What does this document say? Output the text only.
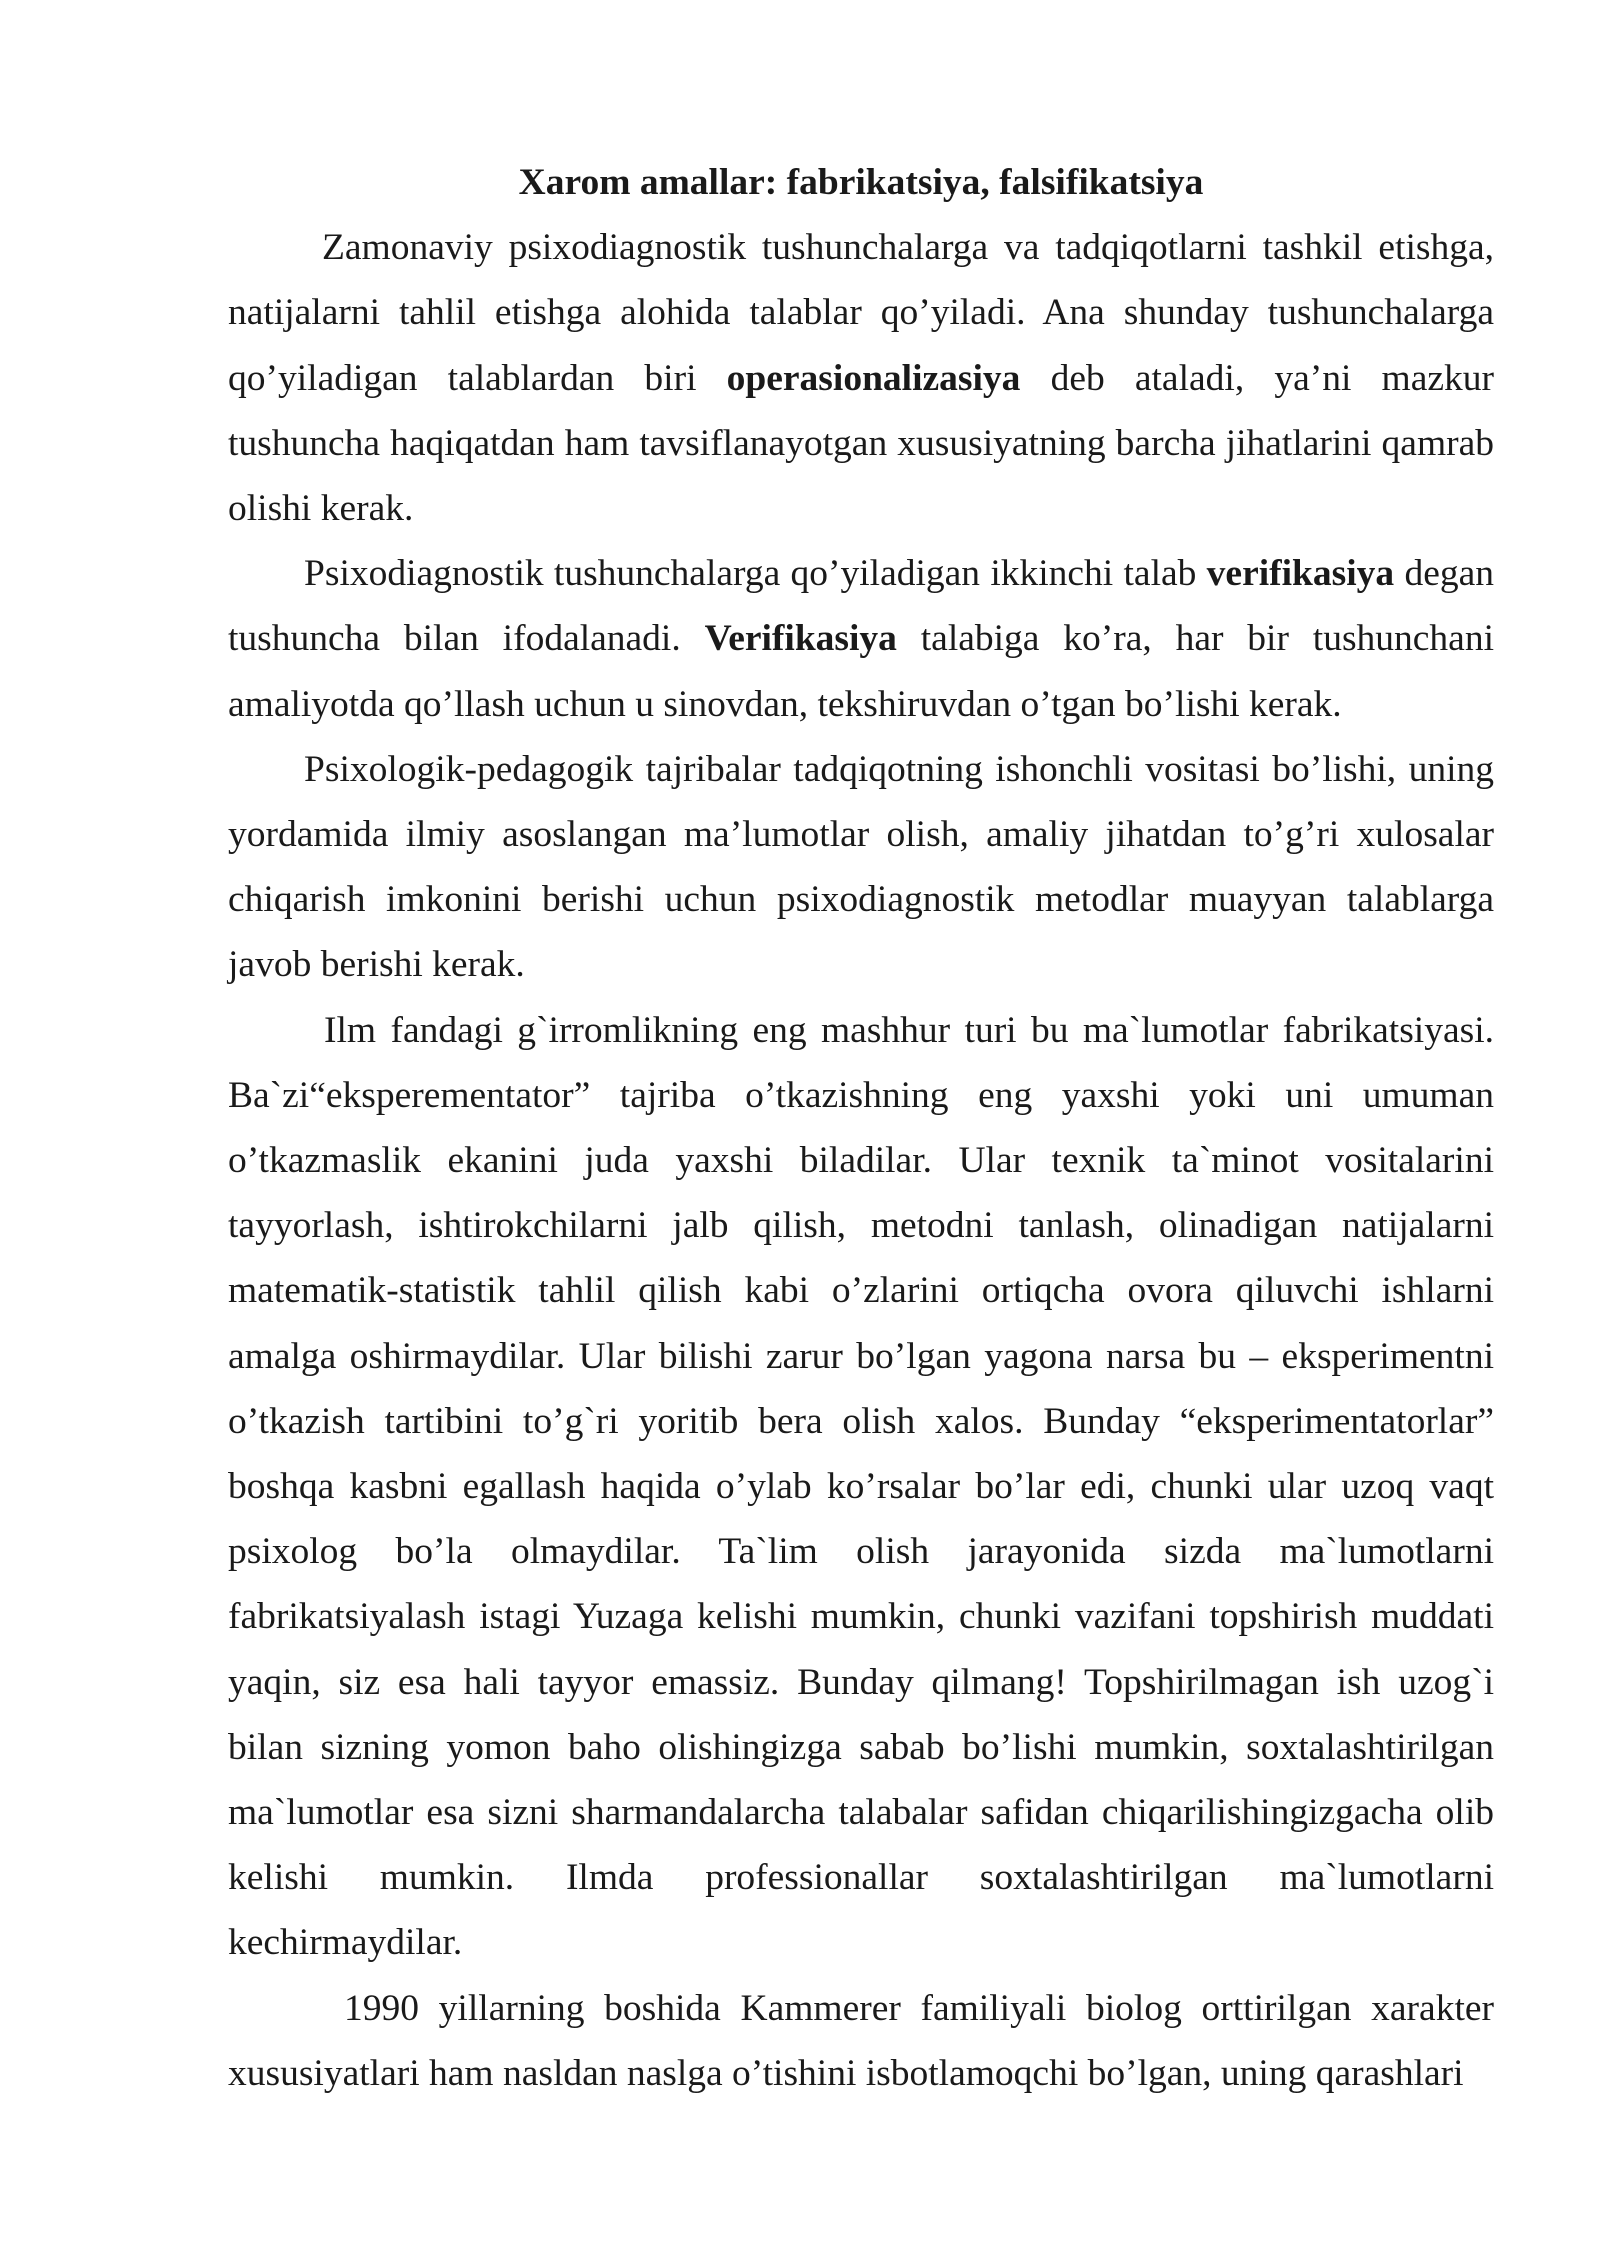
Xarom amallar: fabrikatsiya, falsifikatsiya

Zamonaviy psixodiagnostik tushunchalarga va tadqiqotlarni tashkil etishga, natijalarni tahlil etishga alohida talablar qo’yiladi. Ana shunday tushunchalarga qo’yiladigan talablardan biri operasionalizasiya deb ataladi, ya’ni mazkur tushuncha haqiqatdan ham tavsiflanayotgan xususiyatning barcha jihatlarini qamrab olishi kerak.

Psixodiagnostik tushunchalarga qo’yiladigan ikkinchi talab verifikasiya degan tushuncha bilan ifodalanadi. Verifikasiya talabiga ko’ra, har bir tushunchani amaliyotda qo’llash uchun u sinovdan, tekshiruvdan o’tgan bo’lishi kerak.

Psixologik-pedagogik tajribalar tadqiqotning ishonchli vositasi bo’lishi, uning yordamida ilmiy asoslangan ma’lumotlar olish, amaliy jihatdan to’g’ri xulosalar chiqarish imkonini berishi uchun psixodiagnostik metodlar muayyan talablarga javob berishi kerak.

Ilm fandagi g`irromlikning eng mashhur turi bu ma`lumotlar fabrikatsiyasi. Ba`zi“eksperementator” tajriba o’tkazishning eng yaxshi yoki uni umuman o’tkazmaslik ekanini juda yaxshi biladilar. Ular texnik ta`minot vositalarini tayyorlash, ishtirokchilarni jalb qilish, metodni tanlash, olinadigan natijalarni matematik-statistik tahlil qilish kabi o’zlarini ortiqcha ovora qiluvchi ishlarni amalga oshirmaydilar. Ular bilishi zarur bo’lgan yagona narsa bu – eksperimentni o’tkazish tartibini to’g`ri yoritib bera olish xalos. Bunday “eksperimentatorlar” boshqa kasbni egallash haqida o’ylab ko’rsalar bo’lar edi, chunki ular uzoq vaqt psixolog bo’la olmaydilar. Ta`lim olish jarayonida sizda ma`lumotlarni fabrikatsiyalash istagi Yuzaga kelishi mumkin, chunki vazifani topshirish muddati yaqin, siz esa hali tayyor emassiz. Bunday qilmang! Topshirilmagan ish uzog`i bilan sizning yomon baho olishingizga sabab bo’lishi mumkin, soxtalashtirilgan ma`lumotlar esa sizni sharmandalarcha talabalar safidan chiqarilishingizgacha olib kelishi mumkin. Ilmda professionallar soxtalashtirilgan ma`lumotlarni kechirmaydilar.

1990 yillarning boshida Kammerer familiyali biolog orttirilgan xarakter xususiyatlari ham nasldan naslga o’tishini isbotlamoqchi bo’lgan, uning qarashlari
